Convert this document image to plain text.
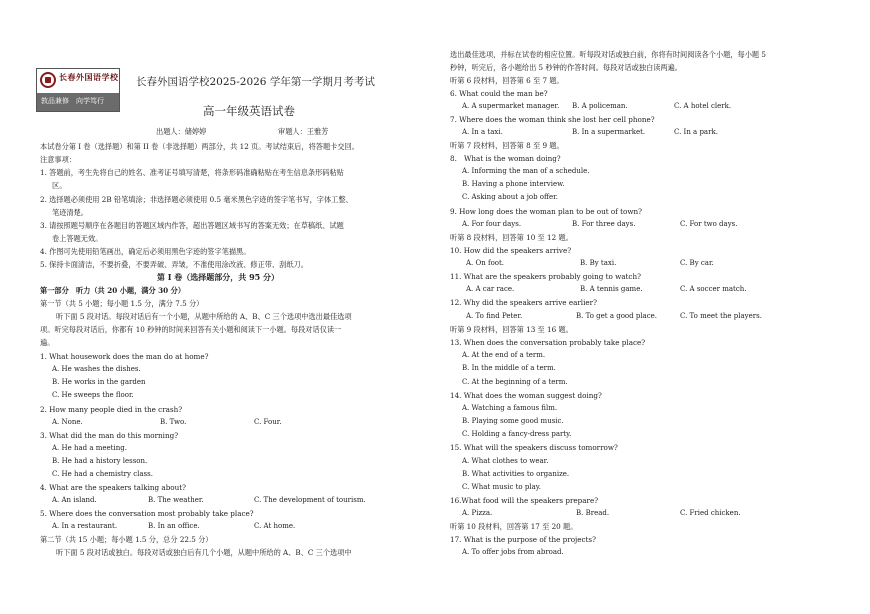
长春外国语学校
敦品兼修　向学笃行
长春外国语学校2025-2026 学年第一学期月考考试
高一年级英语试卷
出题人：储婷婷	审题人：王雅芳
本试卷分第 I 卷（选择题）和第 II 卷（非选择题）两部分，共 12 页。考试结束后，将答题卡交回。
注意事项：
1. 答题前，考生先将自己的姓名、准考证号填写清楚，将条形码准确粘贴在考生信息条形码粘贴
区。
2. 选择题必须使用 2B 铅笔填涂；非选择题必须使用 0.5 毫米黑色字迹的签字笔书写，字体工整、
笔迹清楚。
3. 请按照题号顺序在各题目的答题区域内作答，超出答题区域书写的答案无效；在草稿纸、试题
卷上答题无效。
4. 作图可先使用铅笔画出，确定后必须用黑色字迹的签字笔描黑。
5. 保持卡面清洁，不要折叠，不要弄破、弄皱，不准使用涂改液、修正带、刮纸刀。
第 I 卷（选择题部分，共 95 分）
第一部分　听力（共 20 小题，满分 30 分）
第一节（共 5 小题；每小题 1.5 分，满分 7.5 分）
听下面 5 段对话。每段对话后有一个小题，从题中所给的 A、B、C 三个选项中选出最佳选项
项。听完每段对话后，你都有 10 秒钟的时间来回答有关小题和阅读下一小题。每段对话仅读一
遍。
1. What housework does the man do at home?
A. He washes the dishes.
B. He works in the garden
C. He sweeps the floor.
2. How many people died in the crash?
A. None.	B. Two.	C. Four.
3. What did the man do this morning?
A. He had a meeting.
B. He had a history lesson.
C. He had a chemistry class.
4. What are the speakers talking about?
A. An island.	B. The weather.	C. The development of tourism.
5. Where does the conversation most probably take place?
A. In a restaurant.	B. In an office.	C. At home.
第二节（共 15 小题；每小题 1.5 分，总分 22.5 分）
听下面 5 段对话或独白。每段对话或独白后有几个小题，从题中所给的 A、B、C 三个选项中
选出最佳选项，并标在试卷的相应位置。听每段对话或独白前，你将有时间阅读各个小题，每小题 5
秒钟，听完后，各小题给出 5 秒钟的作答时间。每段对话或独白读两遍。
听第 6 段材料，回答第 6 至 7 题。
6. What could the man be?
A. A supermarket manager. B. A policeman.	C. A hotel clerk.
7. Where does the woman think she lost her cell phone?
A. In a taxi.	B. In a supermarket.	C. In a park.
听第 7 段材料，回答第 8 至 9 题。
8.　What is the woman doing?
A. Informing the man of a schedule.
B. Having a phone interview.
C. Asking about a job offer.
9. How long does the woman plan to be out of town?
A. For four days.	B. For three days.	C. For two days.
听第 8 段材料，回答第 10 至 12 题。
10. How did the speakers arrive?
A. On foot.	B. By taxi.	C. By car.
11. What are the speakers probably going to watch?
A. A car race.	B. A tennis game.	C. A soccer match.
12. Why did the speakers arrive earlier?
A. To find Peter.	B. To get a good place.	C. To meet the players.
听第 9 段材料，回答第 13 至 16 题。
13. When does the conversation probably take place?
A. At the end of a term.
B. In the middle of a term.
C. At the beginning of a term.
14. What does the woman suggest doing?
A. Watching a famous film.
B. Playing some good music.
C. Holding a fancy-dress party.
15. What will the speakers discuss tomorrow?
A. What clothes to wear.
B. What activities to organize.
C. What music to play.
16.What food will the speakers prepare?
A. Pizza.	B. Bread.	C. Fried chicken.
听第 10 段材料，回答第 17 至 20 题。
17. What is the purpose of the projects?
A. To offer jobs from abroad.
